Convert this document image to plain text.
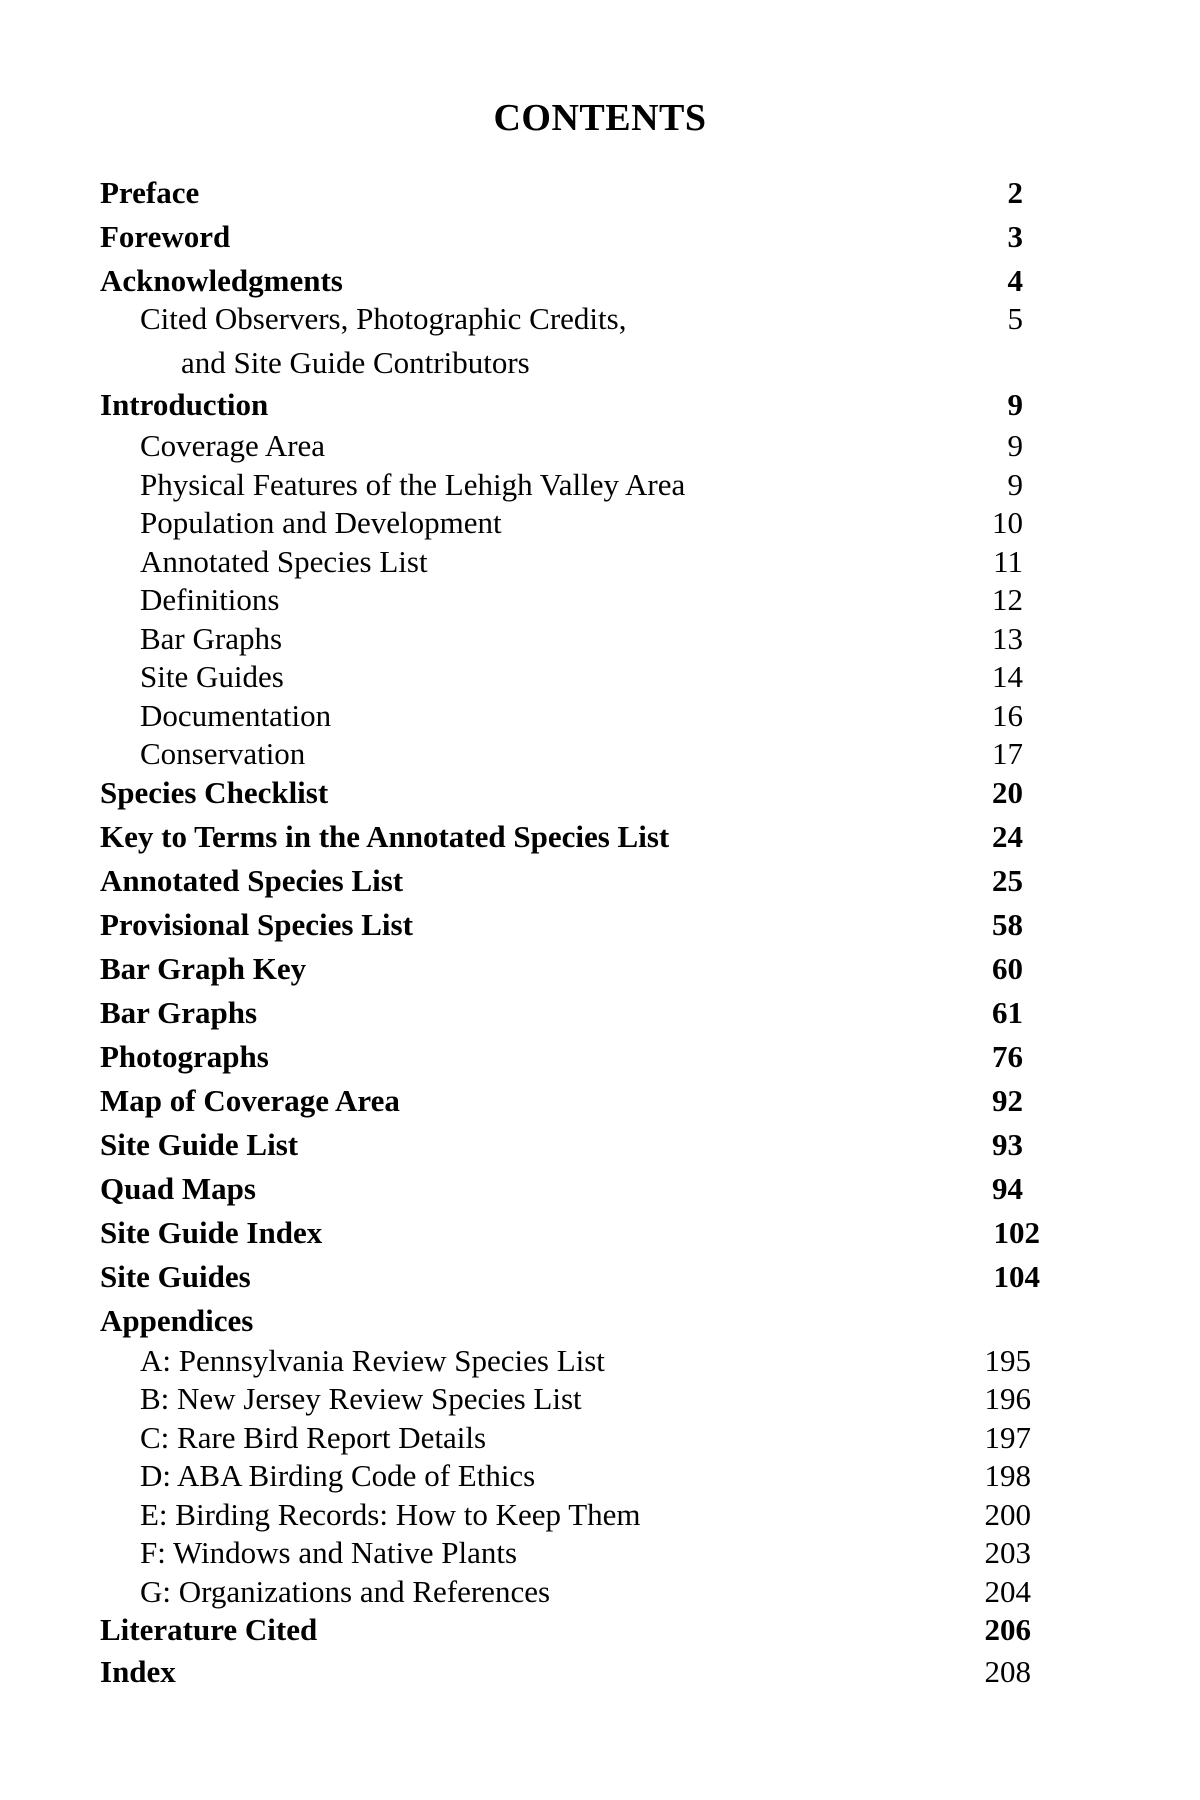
CONTENTS
Preface	2
Foreword	3
Acknowledgments	4
Cited Observers, Photographic Credits,	5
and Site Guide Contributors
Introduction	9
Coverage Area	9
Physical Features of the Lehigh Valley Area	9
Population and Development	10
Annotated Species List	11
Definitions	12
Bar Graphs	13
Site Guides	14
Documentation	16
Conservation	17
Species Checklist	20
Key to Terms in the Annotated Species List	24
Annotated Species List	25
Provisional Species List	58
Bar Graph Key	60
Bar Graphs	61
Photographs	76
Map of Coverage Area	92
Site Guide List	93
Quad Maps	94
Site Guide Index	102
Site Guides	104
Appendices
A: Pennsylvania Review Species List	195
B: New Jersey Review Species List	196
C: Rare Bird Report Details	197
D: ABA Birding Code of Ethics	198
E: Birding Records: How to Keep Them	200
F: Windows and Native Plants	203
G: Organizations and References	204
Literature Cited	206
Index	208
